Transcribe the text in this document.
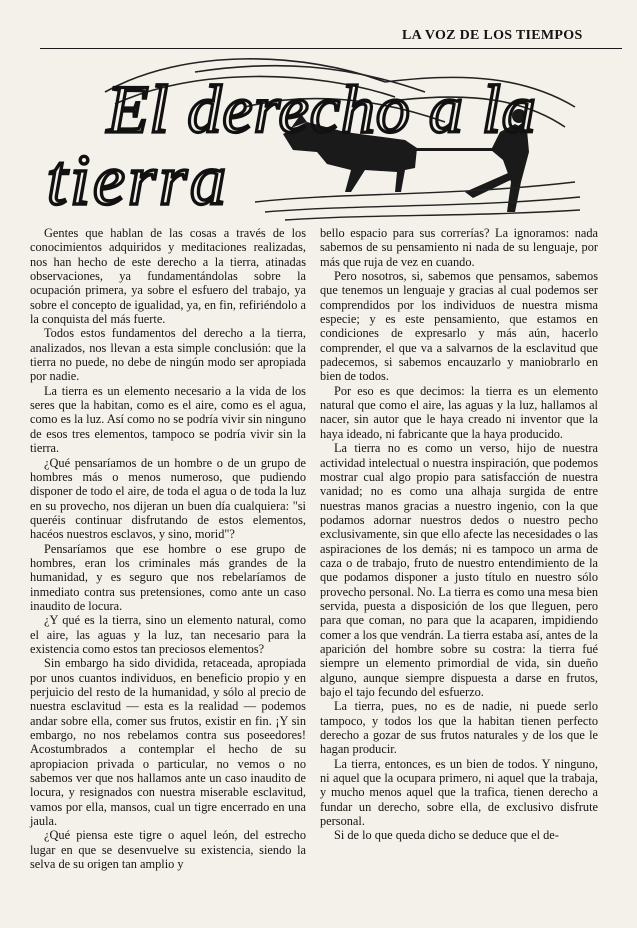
LA VOZ DE LOS TIEMPOS
El derecho a la
tierra

Gentes que hablan de las cosas a través de los conocimientos adquiridos y meditaciones realizadas, nos han hecho de este derecho a la tierra, atinadas observaciones, ya fundamentándolas sobre la ocupación primera, ya sobre el esfuero del trabajo, ya sobre el concepto de igualidad, ya, en fin, refiriéndolo a la conquista del más fuerte.

Todos estos fundamentos del derecho a la tierra, analizados, nos llevan a esta simple conclusión: que la tierra no puede, no debe de ningún modo ser apropiada por nadie.

La tierra es un elemento necesario a la vida de los seres que la habitan, como es el aire, como es el agua, como es la luz. Así como no se podría vivir sin ninguno de esos tres elementos, tampoco se podría vivir sin la tierra.

¿Qué pensaríamos de un hombre o de un grupo de hombres más o menos numeroso, que pudiendo disponer de todo el aire, de toda el agua o de toda la luz en su provecho, nos dijeran un buen día cualquiera: "si queréis continuar disfrutando de estos elementos, hacéos nuestros esclavos, y sino, morid"?

Pensaríamos que ese hombre o ese grupo de hombres, eran los criminales más grandes de la humanidad, y es seguro que nos rebelaríamos de inmediato contra sus pretensiones, como ante un caso inaudito de locura.

¿Y qué es la tierra, sino un elemento natural, como el aire, las aguas y la luz, tan necesario para la existencia como estos tan preciosos elementos?

Sin embargo ha sido dividida, retaceada, apropiada por unos cuantos individuos, en beneficio propio y en perjuicio del resto de la humanidad, y sólo al precio de nuestra esclavitud — esta es la realidad — podemos andar sobre ella, comer sus frutos, existir en fin. ¡Y sin embargo, no nos rebelamos contra sus poseedores! Acostumbrados a contemplar el hecho de su apropiacion privada o particular, no vemos o no sabemos ver que nos hallamos ante un caso inaudito de locura, y resignados con nuestra miserable esclavitud, vamos por ella, mansos, cual un tigre encerrado en una jaula.

¿Qué piensa este tigre o aquel león, del estrecho lugar en que se desenvuelve su existencia, siendo la selva de su origen tan amplio y

bello espacio para sus correrías? La ignoramos: nada sabemos de su pensamiento ni nada de su lenguaje, por más que ruja de vez en cuando.

Pero nosotros, si, sabemos que pensamos, sabemos que tenemos un lenguaje y gracias al cual podemos ser comprendidos por los individuos de nuestra misma especie; y es este pensamiento, que estamos en condiciones de expresarlo y más aún, hacerlo comprender, el que va a salvarnos de la esclavitud que padecemos, si sabemos encauzarlo y maniobrarlo en bien de todos.

Por eso es que decimos: la tierra es un elemento natural que como el aire, las aguas y la luz, hallamos al nacer, sin autor que le haya creado ni inventor que la haya ideado, ni fabricante que la haya producido.

La tierra no es como un verso, hijo de nuestra actividad intelectual o nuestra inspiración, que podemos mostrar cual algo propio para satisfacción de nuestra vanidad; no es como una alhaja surgida de entre nuestras manos gracias a nuestro ingenio, con la que podamos adornar nuestros dedos o nuestro pecho exclusivamente, sin que ello afecte las necesidades o las aspiraciones de los demás; ni es tampoco un arma de caza o de trabajo, fruto de nuestro entendimiento de la que podamos disponer a justo título en nuestro sólo provecho personal. No. La tierra es como una mesa bien servida, puesta a disposición de los que lleguen, pero para que coman, no para que la acaparen, impidiendo comer a los que vendrán. La tierra estaba así, antes de la aparición del hombre sobre su costra: la tierra fué siempre un elemento primordial de vida, sin dueño alguno, aunque siempre dispuesta a darse en frutos, bajo el tajo fecundo del esfuerzo.

La tierra, pues, no es de nadie, ni puede serlo tampoco, y todos los que la habitan tienen perfecto derecho a gozar de sus frutos naturales y de los que le hagan producir.

La tierra, entonces, es un bien de todos. Y ninguno, ni aquel que la ocupara primero, ni aquel que la trabaja, y mucho menos aquel que la trafica, tienen derecho a fundar un derecho, sobre ella, de exclusivo disfrute personal.

Si de lo que queda dicho se deduce que el de-
